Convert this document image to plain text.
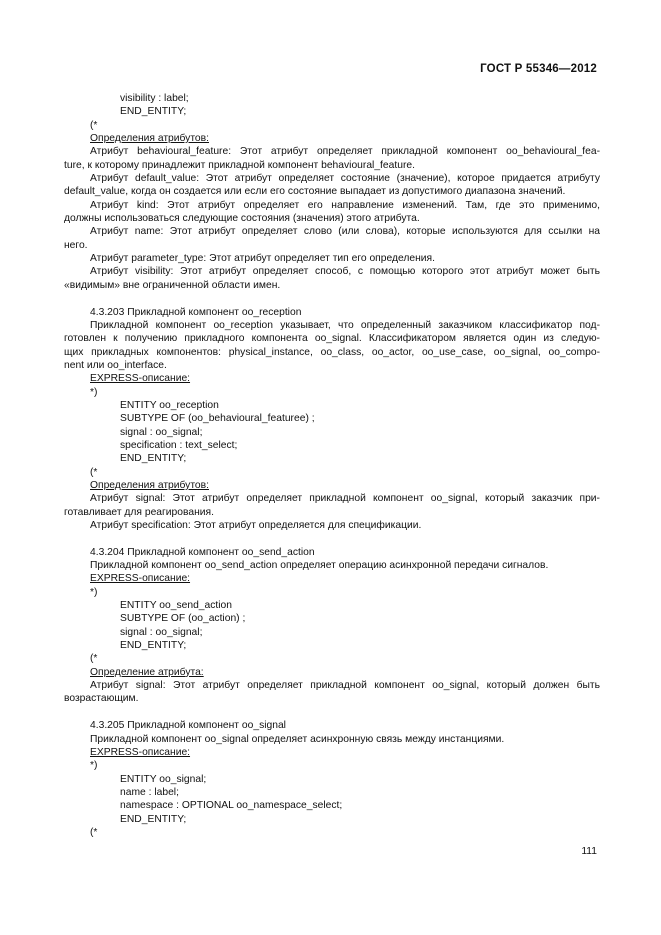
ГОСТ Р 55346—2012
visibility : label;
END_ENTITY;
(*
Определения атрибутов:
Атрибут behavioural_feature: Этот атрибут определяет прикладной компонент oo_behavioural_fea-
ture, к которому принадлежит прикладной компонент behavioural_feature.
Атрибут default_value: Этот атрибут определяет состояние (значение), которое придается атрибуту
default_value, когда он создается или если его состояние выпадает из допустимого диапазона значений.
Атрибут kind: Этот атрибут определяет его направление изменений. Там, где это применимо,
должны использоваться следующие состояния (значения) этого атрибута.
Атрибут name: Этот атрибут определяет слово (или слова), которые используются для ссылки на
него.
Атрибут parameter_type: Этот атрибут определяет тип его определения.
Атрибут visibility: Этот атрибут определяет способ, с помощью которого этот атрибут может быть
«видимым» вне ограниченной области имен.
4.3.203 Прикладной компонент oo_reception
Прикладной компонент oo_reception указывает, что определенный заказчиком классификатор под-
готовлен к получению прикладного компонента oo_signal. Классификатором является один из следую-
щих прикладных компонентов: physical_instance, oo_class, oo_actor, oo_use_case, oo_signal, oo_compo-
nent или oo_interface.
EXPRESS-описание:
*)
ENTITY oo_reception
SUBTYPE OF (oo_behavioural_featuree) ;
signal : oo_signal;
specification : text_select;
END_ENTITY;
(*
Определения атрибутов:
Атрибут signal: Этот атрибут определяет прикладной компонент oo_signal, который заказчик при-
готавливает для реагирования.
Атрибут specification: Этот атрибут определяется для спецификации.
4.3.204 Прикладной компонент oo_send_action
Прикладной компонент oo_send_action определяет операцию асинхронной передачи сигналов.
EXPRESS-описание:
*)
ENTITY oo_send_action
SUBTYPE OF (oo_action) ;
signal : oo_signal;
END_ENTITY;
(*
Определение атрибута:
Атрибут signal: Этот атрибут определяет прикладной компонент oo_signal, который должен быть
возрастающим.
4.3.205 Прикладной компонент oo_signal
Прикладной компонент oo_signal определяет асинхронную связь между инстанциями.
EXPRESS-описание:
*)
ENTITY oo_signal;
name : label;
namespace : OPTIONAL oo_namespace_select;
END_ENTITY;
(*
111
